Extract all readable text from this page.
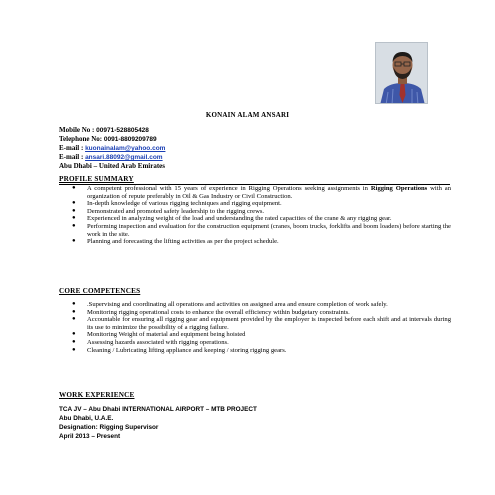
KONAIN ALAM ANSARI
Mobile No : 00971-528805428
Telephone No: 0091-8809209789
E-mail : kuonainalam@yahoo.com
E-mail : ansari.88092@gmail.com
Abu Dhabi – United Arab Emirates
PROFILE SUMMARY
● A competent professional with 15 years of experience in Rigging Operations seeking assignments in Rigging Operations with an organization of repute preferably in Oil & Gas Industry or Civil Construction.
● In-depth knowledge of various rigging techniques and rigging equipment.
● Demonstrated and promoted safety leadership to the rigging crews.
● Experienced in analyzing weight of the load and understanding the rated capacities of the crane & any rigging gear.
● Performing inspection and evaluation for the construction equipment (cranes, boom trucks, forklifts and boom loaders) before starting the work in the site.
● Planning and forecasting the lifting activities as per the project schedule.
CORE COMPETENCES
● .Supervising and coordinating all operations and activities on assigned area and ensure completion of work safely.
● Monitoring rigging operational costs to enhance the overall efficiency within budgetary constraints.
● Accountable for ensuring all rigging gear and equipment provided by the employer is inspected before each shift and at intervals during its use to minimize the possibility of a rigging failure.
● Monitoring Weight of material and equipment being hoisted
● Assessing hazards associated with rigging operations.
● Cleaning / Lubricating lifting appliance and keeping / storing rigging gears.
WORK EXPERIENCE
TCA JV – Abu Dhabi INTERNATIONAL AIRPORT – MTB PROJECT
Abu Dhabi, U.A.E.
Designation: Rigging Supervisor
April 2013 – Present
